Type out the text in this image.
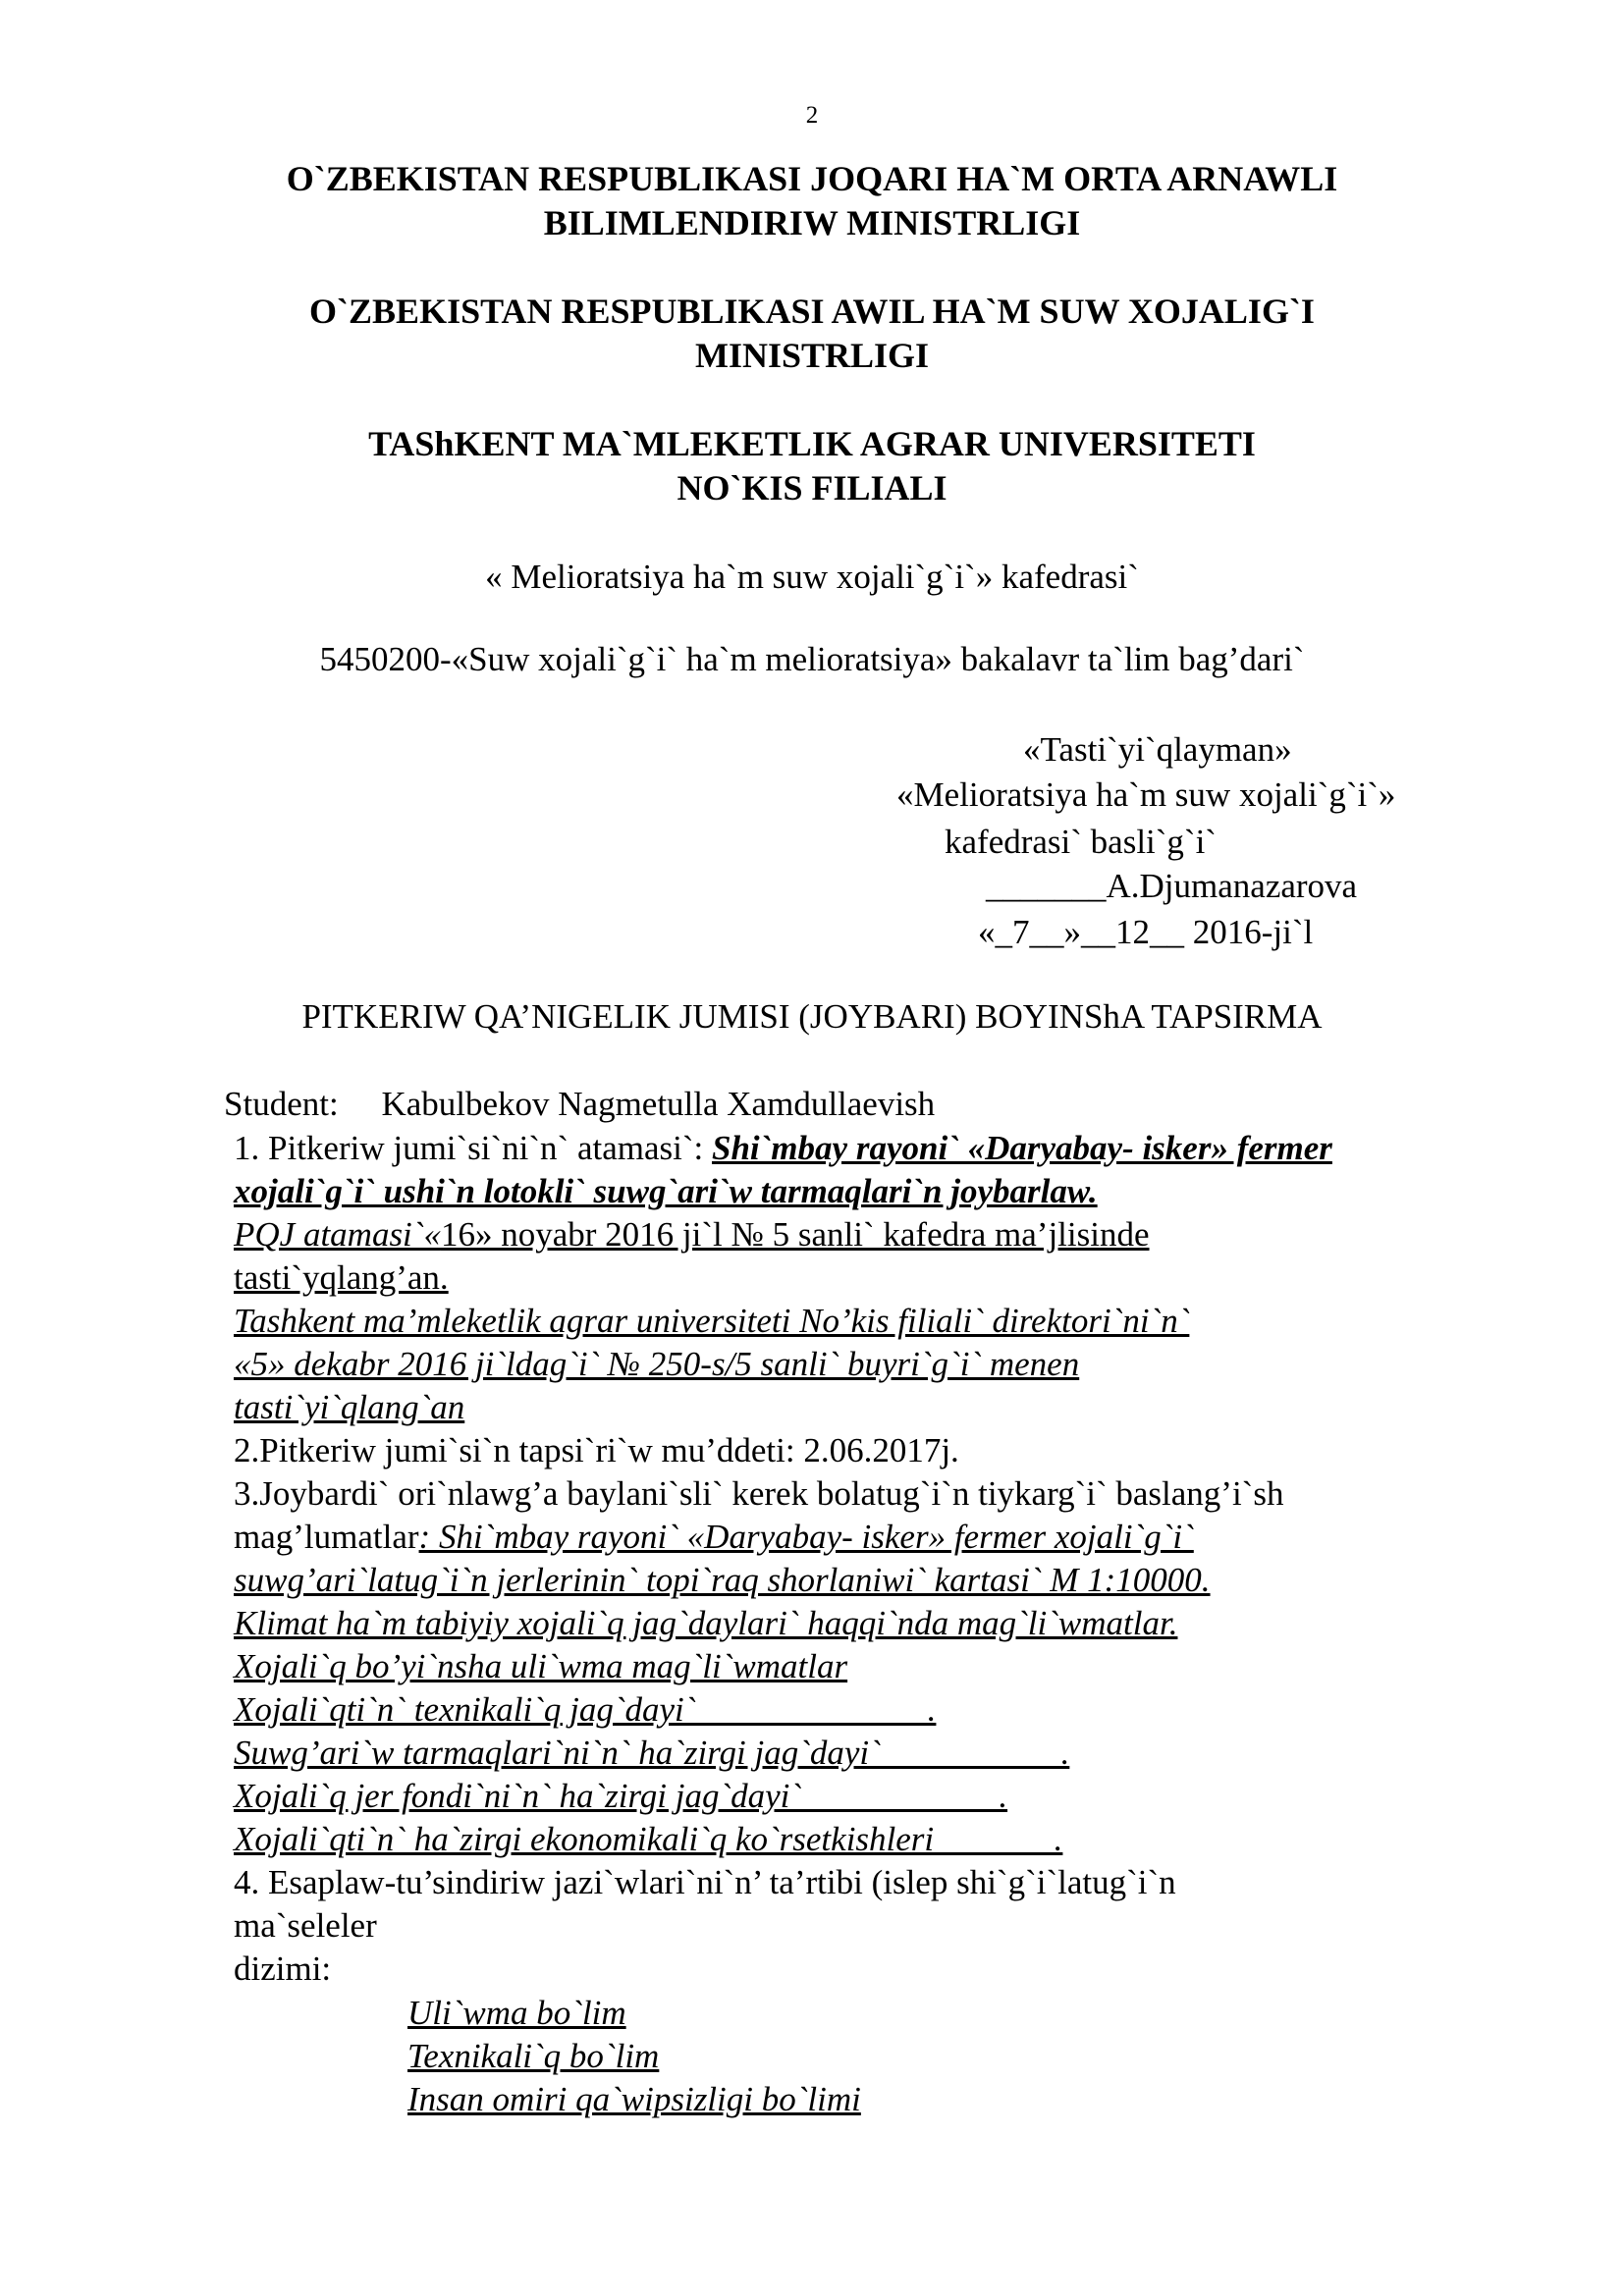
2
O`ZBEKISTAN RESPUBLIKASI JOQARI HA`M ORTA ARNAWLI
BILIMLENDIRIW MINISTRLIGI
O`ZBEKISTAN RESPUBLIKASI AWIL HA`M SUW XOJALIG`I
MINISTRLIGI
TAShKENT MA`MLEKETLIK AGRAR UNIVERSITETI
NO`KIS FILIALI
« Melioratsiya ha`m suw xojali`g`i`» kafedrasi`
5450200-«Suw xojali`g`i` ha`m melioratsiya» bakalavr ta`lim bag’dari`
«Tasti`yi`qlayman»
«Melioratsiya ha`m suw xojali`g`i`»
kafedrasi` basli`g`i`
_______A.Djumanazarova
«_7__»__12__ 2016-ji`l
PITKERIW QA’NIGELIK JUMISI (JOYBARI) BOYINShA TAPSIRMA
Student: Kabulbekov Nagmetulla Xamdullaevish
1. Pitkeriw jumi`si`ni`n` atamasi`: Shi`mbay rayoni` «Daryabay- isker» fermer
xojali`g`i` ushi`n lotokli` suwg`ari`w tarmaqlari`n joybarlaw.
PQJ atamasi`«16» noyabr 2016 ji`l № 5 sanli` kafedra ma’jlisinde
tasti`yqlang’an.
Tashkent ma’mleketlik agrar universiteti No’kis filiali` direktori`ni`n`
«5» dekabr 2016 ji`ldag`i` № 250-s/5 sanli` buyri`g`i` menen
tasti`yi`qlang`an
2.Pitkeriw jumi`si`n tapsi`ri`w mu’ddeti: 2.06.2017j.
3.Joybardi` ori`nlawg’a baylani`sli` kerek bolatug`i`n tiykarg`i` baslang’i`sh
mag’lumatlar: Shi`mbay rayoni` «Daryabay- isker» fermer xojali`g`i`
suwg’ari`latug`i`n jerlerinin` topi`raq shorlaniwi` kartasi` M 1:10000.
Klimat ha`m tabiyiy xojali`q jag`daylari` haqqi`nda mag`li`wmatlar.
Xojali`q bo’yi`nsha uli`wma mag`li`wmatlar
Xojali`qti`n` texnikali`q jag`dayi`                           .
Suwg’ari`w tarmaqlari`ni`n` ha`zirgi jag`dayi`                     .
Xojali`q jer fondi`ni`n` ha`zirgi jag`dayi`                       .
Xojali`qti`n` ha`zirgi ekonomikali`q ko`rsetkishleri              .
4. Esaplaw-tu’sindiriw jazi`wlari`ni`n’ ta’rtibi (islep shi`g`i`latug`i`n
ma`seleler
dizimi:
Uli`wma bo`lim
Texnikali`q bo`lim
Insan omiri qa`wipsizligi bo`limi
